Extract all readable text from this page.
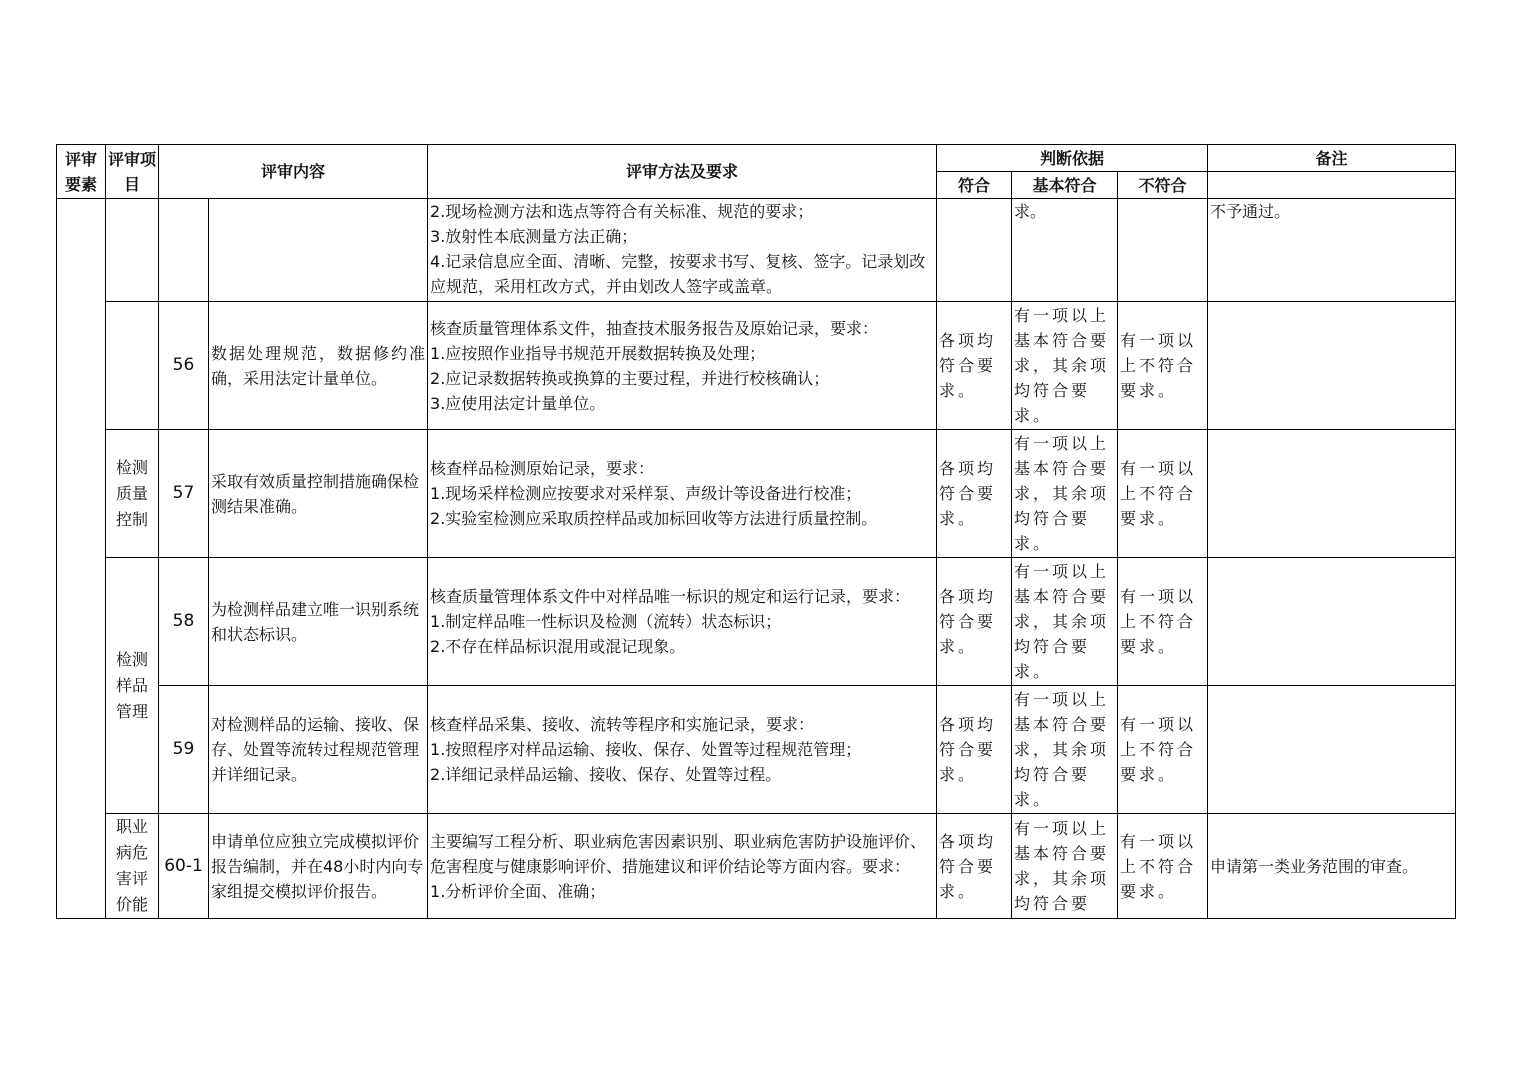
评审要素	评审项目	评审内容		评审方法及要求	判断依据			备注
					符合	基本符合	不符合	

				2.现场检测方法和选点等符合有关标准、规范的要求；
3.放射性本底测量方法正确；
4.记录信息应全面、清晰、完整，按要求书写、复核、签字。记录划改应规范，采用杠改方式，并由划改人签字或盖章。		求。		不予通过。
		56	数据处理规范，数据修约准确，采用法定计量单位。	核查质量管理体系文件，抽查技术服务报告及原始记录，要求：
1.应按照作业指导书规范开展数据转换及处理；
2.应记录数据转换或换算的主要过程，并进行校核确认；
3.应使用法定计量单位。	各项均符合要求。	有一项以上基本符合要求，其余项均符合要求。	有一项以上不符合要求。	
	检测质量控制	57	采取有效质量控制措施确保检测结果准确。	核查样品检测原始记录，要求：
1.现场采样检测应按要求对采样泵、声级计等设备进行校准；
2.实验室检测应采取质控样品或加标回收等方法进行质量控制。	各项均符合要求。	有一项以上基本符合要求，其余项均符合要求。	有一项以上不符合要求。	
	检测样品管理	58	为检测样品建立唯一识别系统和状态标识。	核查质量管理体系文件中对样品唯一标识的规定和运行记录，要求：
1.制定样品唯一性标识及检测（流转）状态标识；
2.不存在样品标识混用或混记现象。	各项均符合要求。	有一项以上基本符合要求，其余项均符合要求。	有一项以上不符合要求。	
		59	对检测样品的运输、接收、保存、处置等流转过程规范管理并详细记录。	核查样品采集、接收、流转等程序和实施记录，要求：
1.按照程序对样品运输、接收、保存、处置等过程规范管理；
2.详细记录样品运输、接收、保存、处置等过程。	各项均符合要求。	有一项以上基本符合要求，其余项均符合要求。	有一项以上不符合要求。	
	职业病危害评价能	60-1	申请单位应独立完成模拟评价报告编制，并在48小时内向专家组提交模拟评价报告。	主要编写工程分析、职业病危害因素识别、职业病危害防护设施评价、危害程度与健康影响评价、措施建议和评价结论等方面内容。要求：
1.分析评价全面、准确；	各项均符合要求。	有一项以上基本符合要求，其余项均符合要	有一项以上不符合要求。	申请第一类业务范围的审查。
